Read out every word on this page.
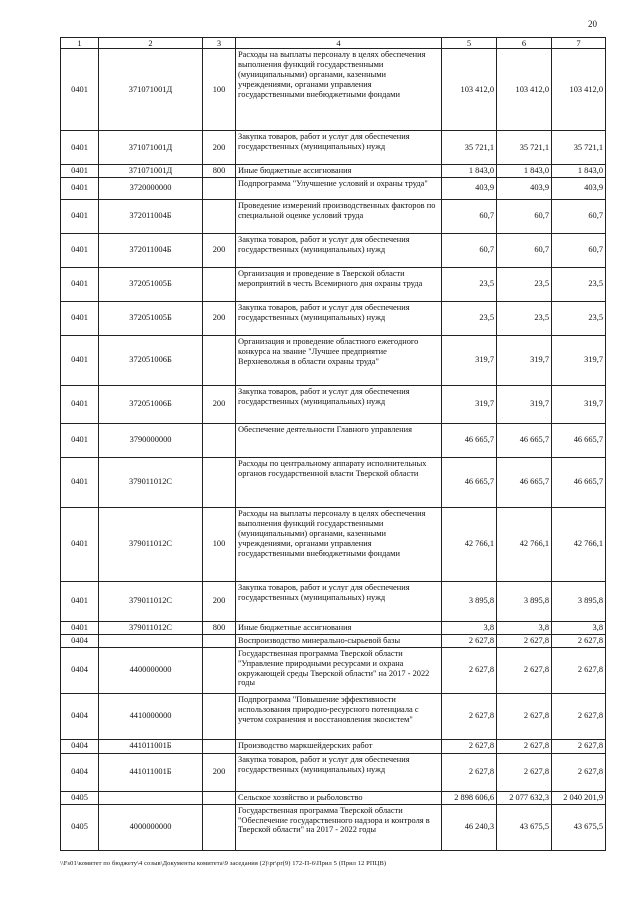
20
1	2	3	4	5	6	7
0401	371071001Д	100	Расходы на выплаты персоналу в целях обеспечения выполнения функций государственными (муниципальными) органами, казенными учреждениями, органами управления государственными внебюджетными фондами	103 412,0	103 412,0	103 412,0
0401	371071001Д	200	Закупка товаров, работ и услуг для обеспечения государственных (муниципальных) нужд	35 721,1	35 721,1	35 721,1
0401	371071001Д	800	Иные бюджетные ассигнования	1 843,0	1 843,0	1 843,0
0401	3720000000		Подпрограмма "Улучшение условий и охраны труда"	403,9	403,9	403,9
0401	372011004Б		Проведение измерений производственных факторов по специальной оценке условий труда	60,7	60,7	60,7
0401	372011004Б	200	Закупка товаров, работ и услуг для обеспечения государственных (муниципальных) нужд	60,7	60,7	60,7
0401	372051005Б		Организация и проведение в Тверской области мероприятий в честь Всемирного дня охраны труда	23,5	23,5	23,5
0401	372051005Б	200	Закупка товаров, работ и услуг для обеспечения государственных (муниципальных) нужд	23,5	23,5	23,5
0401	372051006Б		Организация и проведение областного ежегодного конкурса на звание "Лучшее предприятие Верхневолжья в области охраны труда"	319,7	319,7	319,7
0401	372051006Б	200	Закупка товаров, работ и услуг для обеспечения государственных (муниципальных) нужд	319,7	319,7	319,7
0401	3790000000		Обеспечение деятельности Главного управления	46 665,7	46 665,7	46 665,7
0401	379011012С		Расходы по центральному аппарату исполнительных органов государственной власти Тверской области	46 665,7	46 665,7	46 665,7
0401	379011012С	100	Расходы на выплаты персоналу в целях обеспечения выполнения функций государственными (муниципальными) органами, казенными учреждениями, органами управления государственными внебюджетными фондами	42 766,1	42 766,1	42 766,1
0401	379011012С	200	Закупка товаров, работ и услуг для обеспечения государственных (муниципальных) нужд	3 895,8	3 895,8	3 895,8
0401	379011012С	800	Иные бюджетные ассигнования	3,8	3,8	3,8
0404			Воспроизводство минерально-сырьевой базы	2 627,8	2 627,8	2 627,8
0404	4400000000		Государственная программа Тверской области "Управление природными ресурсами и охрана окружающей среды Тверской области" на 2017 - 2022 годы	2 627,8	2 627,8	2 627,8
0404	4410000000		Подпрограмма "Повышение эффективности использования природно-ресурсного потенциала с учетом сохранения и восстановления экосистем"	2 627,8	2 627,8	2 627,8
0404	441011001Б		Производство маркшейдерских работ	2 627,8	2 627,8	2 627,8
0404	441011001Б	200	Закупка товаров, работ и услуг для обеспечения государственных (муниципальных) нужд	2 627,8	2 627,8	2 627,8
0405			Сельское хозяйство и рыболовство	2 898 606,6	2 077 632,3	2 040 201,9
0405	4000000000		Государственная программа Тверской области "Обеспечение государственного надзора и контроля в Тверской области" на 2017 - 2022 годы	46 240,3	43 675,5	43 675,5
\\Fs01\комитет по бюджету\4 созыв\Документы комитета\9 заседания (2)\pr\pr(9) 172-П-6\Прил 5 (Прил 12 РПЦВ)
